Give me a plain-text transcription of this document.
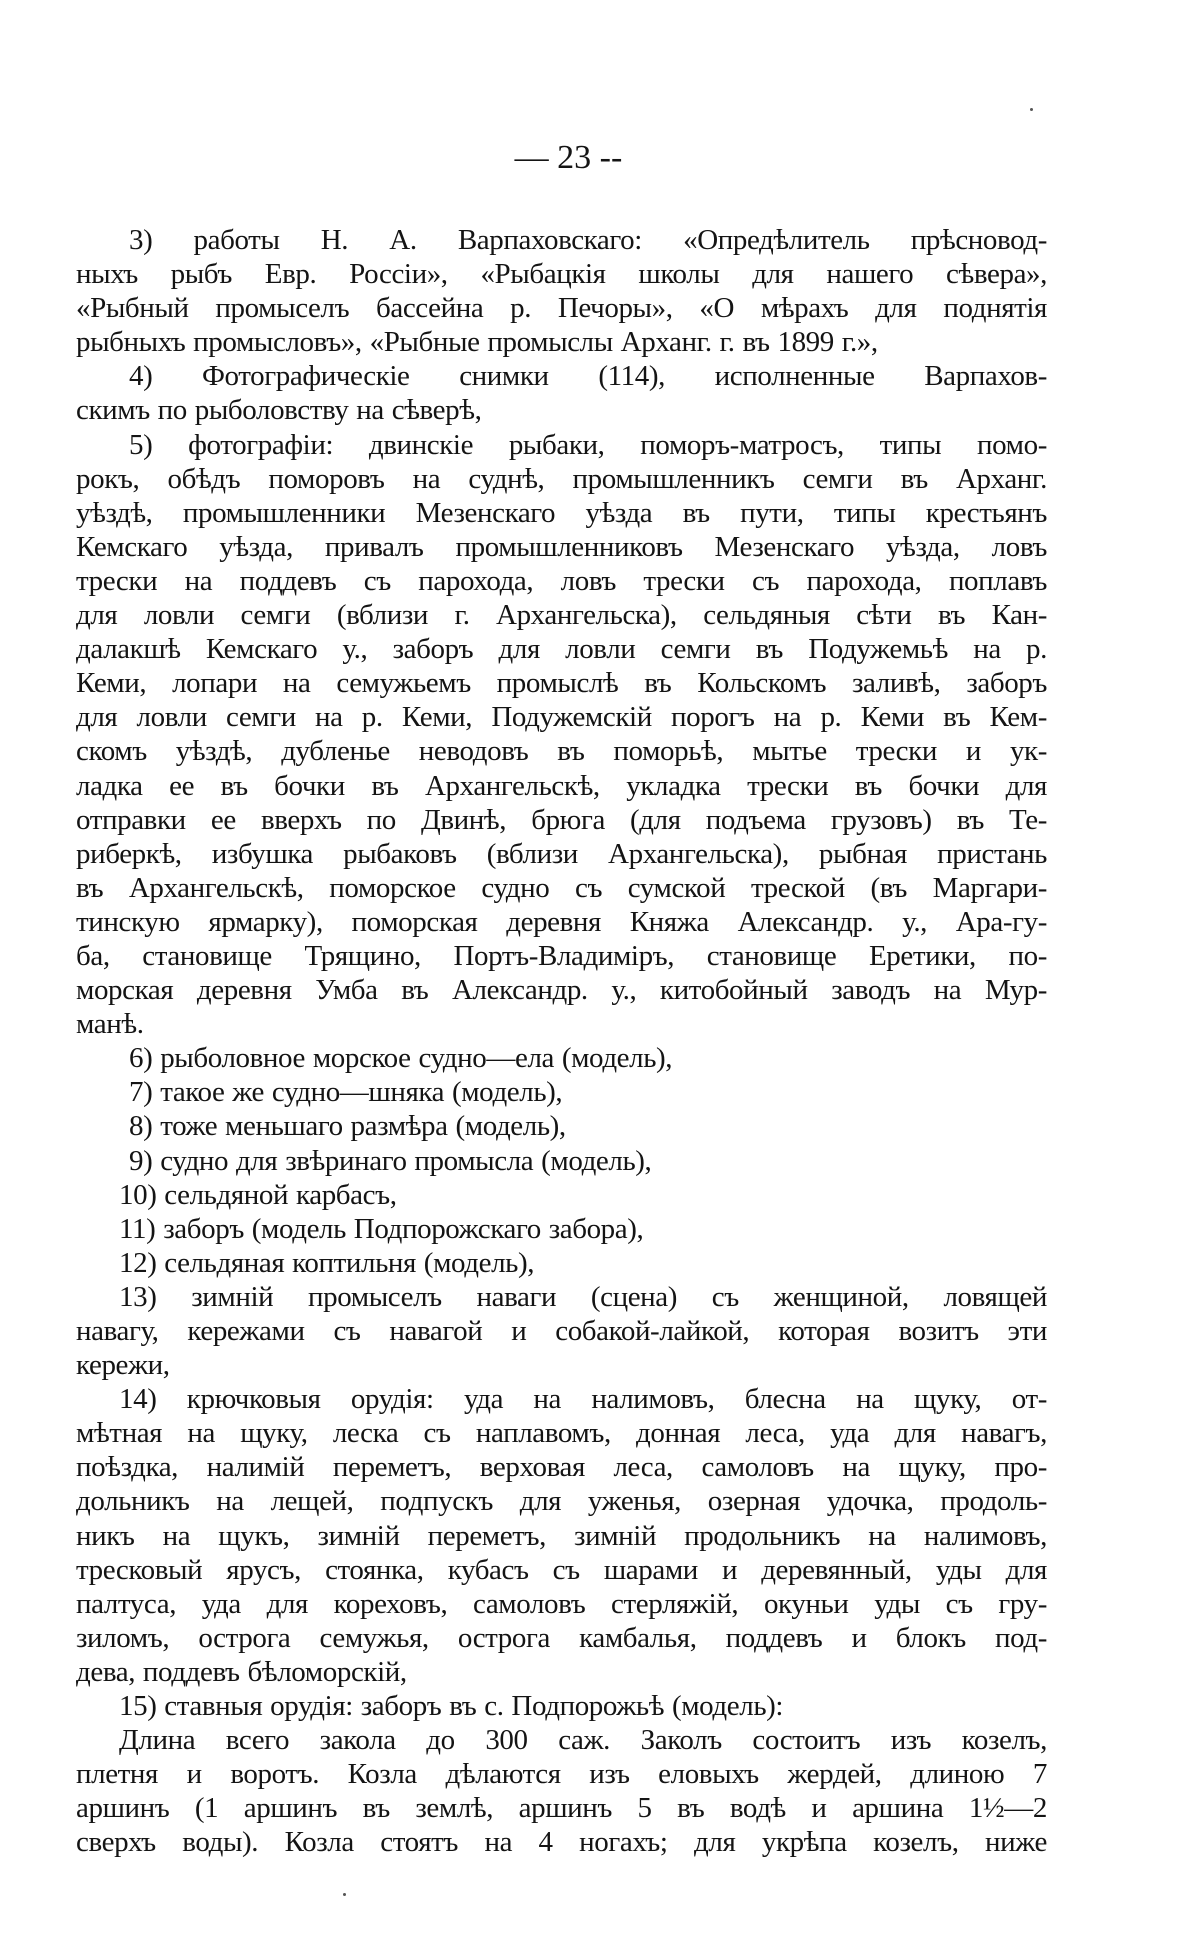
— 23 --
3) работы Н. А. Варпаховскаго: «Опредѣлитель прѣсновод-
ныхъ рыбъ Евр. Россіи», «Рыбацкія школы для нашего сѣвера»,
«Рыбный промыселъ бассейна р. Печоры», «О мѣрахъ для поднятія
рыбныхъ промысловъ», «Рыбные промыслы Арханг. г. въ 1899 г.»,
4) Фотографическіе снимки (114), исполненные Варпахов-
скимъ по рыболовству на сѣверѣ,
5) фотографіи: двинскіе рыбаки, поморъ-матросъ, типы помо-
рокъ, обѣдъ поморовъ на суднѣ, промышленникъ семги въ Арханг.
уѣздѣ, промышленники Мезенскаго уѣзда въ пути, типы крестьянъ
Кемскаго уѣзда, привалъ промышленниковъ Мезенскаго уѣзда, ловъ
трески на поддевъ съ парохода, ловъ трески съ парохода, поплавъ
для ловли семги (вблизи г. Архангельска), сельдяныя сѣти въ Кан-
далакшѣ Кемскаго у., заборъ для ловли семги въ Подужемьѣ на р.
Кеми, лопари на семужьемъ промыслѣ въ Кольскомъ заливѣ, заборъ
для ловли семги на р. Кеми, Подужемскій порогъ на р. Кеми въ Кем-
скомъ уѣздѣ, дубленье неводовъ въ поморьѣ, мытье трески и ук-
ладка ее въ бочки въ Архангельскѣ, укладка трески въ бочки для
отправки ее вверхъ по Двинѣ, брюга (для подъема грузовъ) въ Те-
риберкѣ, избушка рыбаковъ (вблизи Архангельска), рыбная пристань
въ Архангельскѣ, поморское судно съ сумской треской (въ Маргари-
тинскую ярмарку), поморская деревня Княжа Александр. у., Ара-гу-
ба, становище Трящино, Портъ-Владиміръ, становище Еретики, по-
морская деревня Умба въ Александр. у., китобойный заводъ на Мур-
манѣ.
6) рыболовное морское судно—ела (модель),
7) такое же судно—шняка (модель),
8) тоже меньшаго размѣра (модель),
9) судно для звѣринаго промысла (модель),
10) сельдяной карбасъ,
11) заборъ (модель Подпорожскаго забора),
12) сельдяная коптильня (модель),
13) зимній промыселъ наваги (сцена) съ женщиной, ловящей
навагу, кережами съ навагой и собакой-лайкой, которая возитъ эти
кережи,
14) крючковыя орудія: уда на налимовъ, блесна на щуку, от-
мѣтная на щуку, леска съ наплавомъ, донная леса, уда для навагъ,
поѣздка, налимій переметъ, верховая леса, самоловъ на щуку, про-
дольникъ на лещей, подпускъ для уженья, озерная удочка, продоль-
никъ на щукъ, зимній переметъ, зимній продольникъ на налимовъ,
тресковый ярусъ, стоянка, кубасъ съ шарами и деревянный, уды для
палтуса, уда для кореховъ, самоловъ стерляжій, окуньи уды съ гру-
зиломъ, острога семужья, острога камбалья, поддевъ и блокъ под-
дева, поддевъ бѣломорскій,
15) ставныя орудія: заборъ въ с. Подпорожьѣ (модель):
Длина всего закола до 300 саж. Заколъ состоитъ изъ козелъ,
плетня и воротъ. Козла дѣлаются изъ еловыхъ жердей, длиною 7
аршинъ (1 аршинъ въ землѣ, аршинъ 5 въ водѣ и аршина 1½—2
сверхъ воды). Козла стоятъ на 4 ногахъ; для укрѣпа козелъ, ниже
